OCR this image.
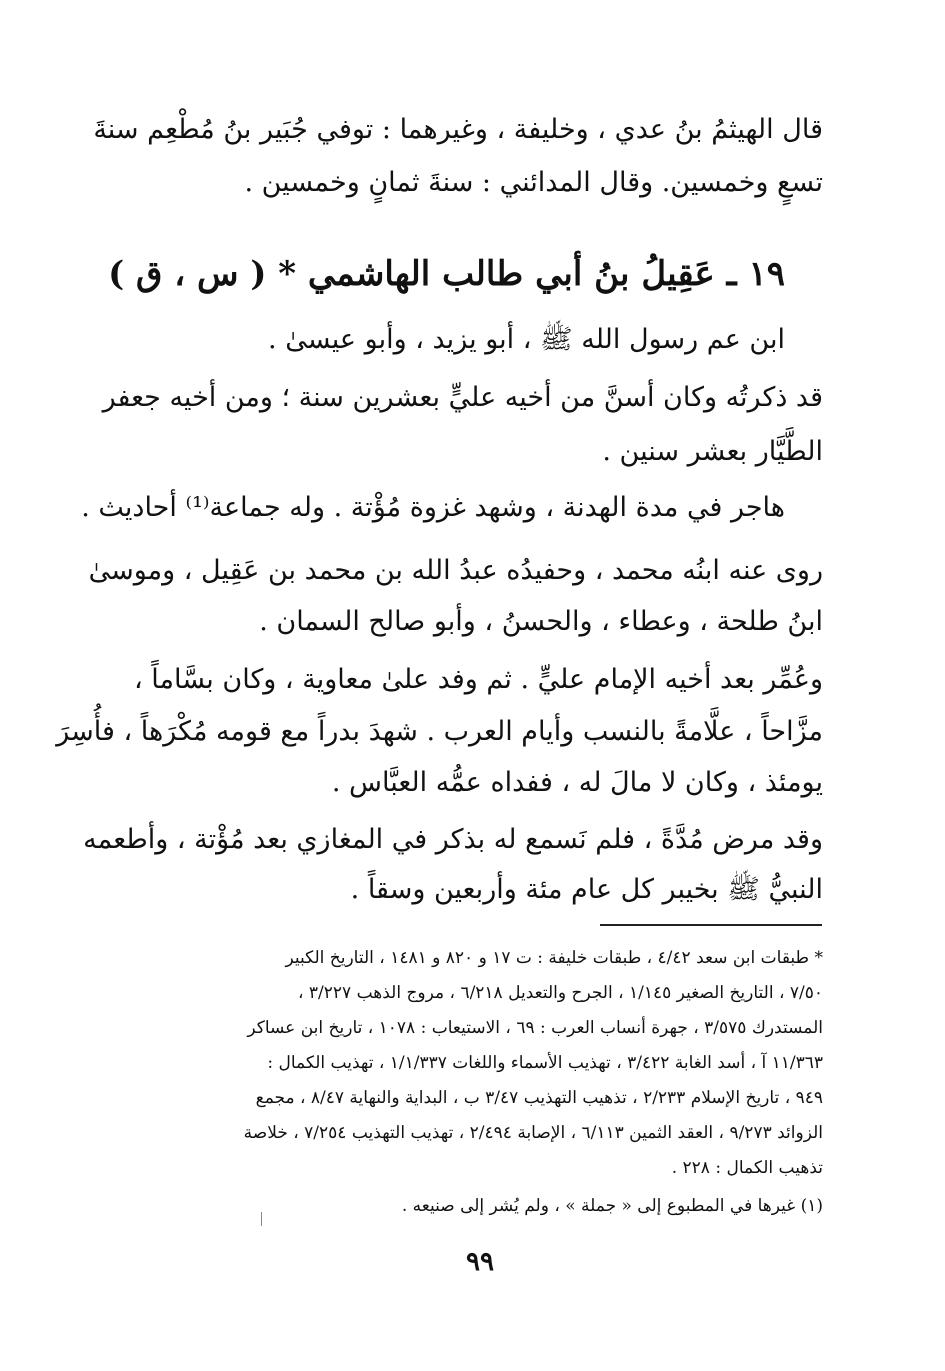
قال الهيثمُ بنُ عدي ، وخليفة ، وغيرهما : توفي جُبَير بنُ مُطْعِم سنةَ
تسعٍ وخمسين. وقال المدائني : سنةَ ثمانٍ وخمسين .
١٩ ـ عَقِيلُ بنُ أبي طالب الهاشمي * ( س ، ق )
ابن عم رسول الله ﷺ ، أبو يزيد ، وأبو عيسىٰ .
قد ذكرتُه وكان أسنَّ من أخيه عليٍّ بعشرين سنة ؛ ومن أخيه جعفر
الطَّيَّار بعشر سنين .
هاجر في مدة الهدنة ، وشهد غزوة مُؤْتة . وله جماعة⁽¹⁾ أحاديث .
روى عنه ابنُه محمد ، وحفيدُه عبدُ الله بن محمد بن عَقِيل ، وموسىٰ
ابنُ طلحة ، وعطاء ، والحسنُ ، وأبو صالح السمان .
وعُمِّر بعد أخيه الإمام عليٍّ . ثم وفد علىٰ معاوية ، وكان بسَّاماً ،
مزَّاحاً ، علَّامةً بالنسب وأيام العرب . شهدَ بدراً مع قومه مُكْرَهاً ، فأُسِرَ
يومئذ ، وكان لا مالَ له ، ففداه عمُّه العبَّاس .
وقد مرض مُدَّةً ، فلم نَسمع له بذكر في المغازي بعد مُؤْتة ، وأطعمه
النبيُّ ﷺ بخيبر كل عام مئة وأربعين وسقاً .
* طبقات ابن سعد ٤/٤٢ ، طبقات خليفة : ت ١٧ و ٨٢٠ و ١٤٨١ ، التاريخ الكبير
٧/٥٠ ، التاريخ الصغير ١/١٤٥ ، الجرح والتعديل ٦/٢١٨ ، مروج الذهب ٣/٢٢٧ ،
المستدرك ٣/٥٧٥ ، جهرة أنساب العرب : ٦٩ ، الاستيعاب : ١٠٧٨ ، تاريخ ابن عساكر
١١/٣٦٣ آ ، أسد الغابة ٣/٤٢٢ ، تهذيب الأسماء واللغات ١/١/٣٣٧ ، تهذيب الكمال :
٩٤٩ ، تاريخ الإسلام ٢/٢٣٣ ، تذهيب التهذيب ٣/٤٧ ب ، البداية والنهاية ٨/٤٧ ، مجمع
الزوائد ٩/٢٧٣ ، العقد الثمين ٦/١١٣ ، الإصابة ٢/٤٩٤ ، تهذيب التهذيب ٧/٢٥٤ ، خلاصة
تذهيب الكمال : ٢٢٨ .
(١) غيرها في المطبوع إلى « جملة » ، ولم يُشر إلى صنيعه .
٩٩
